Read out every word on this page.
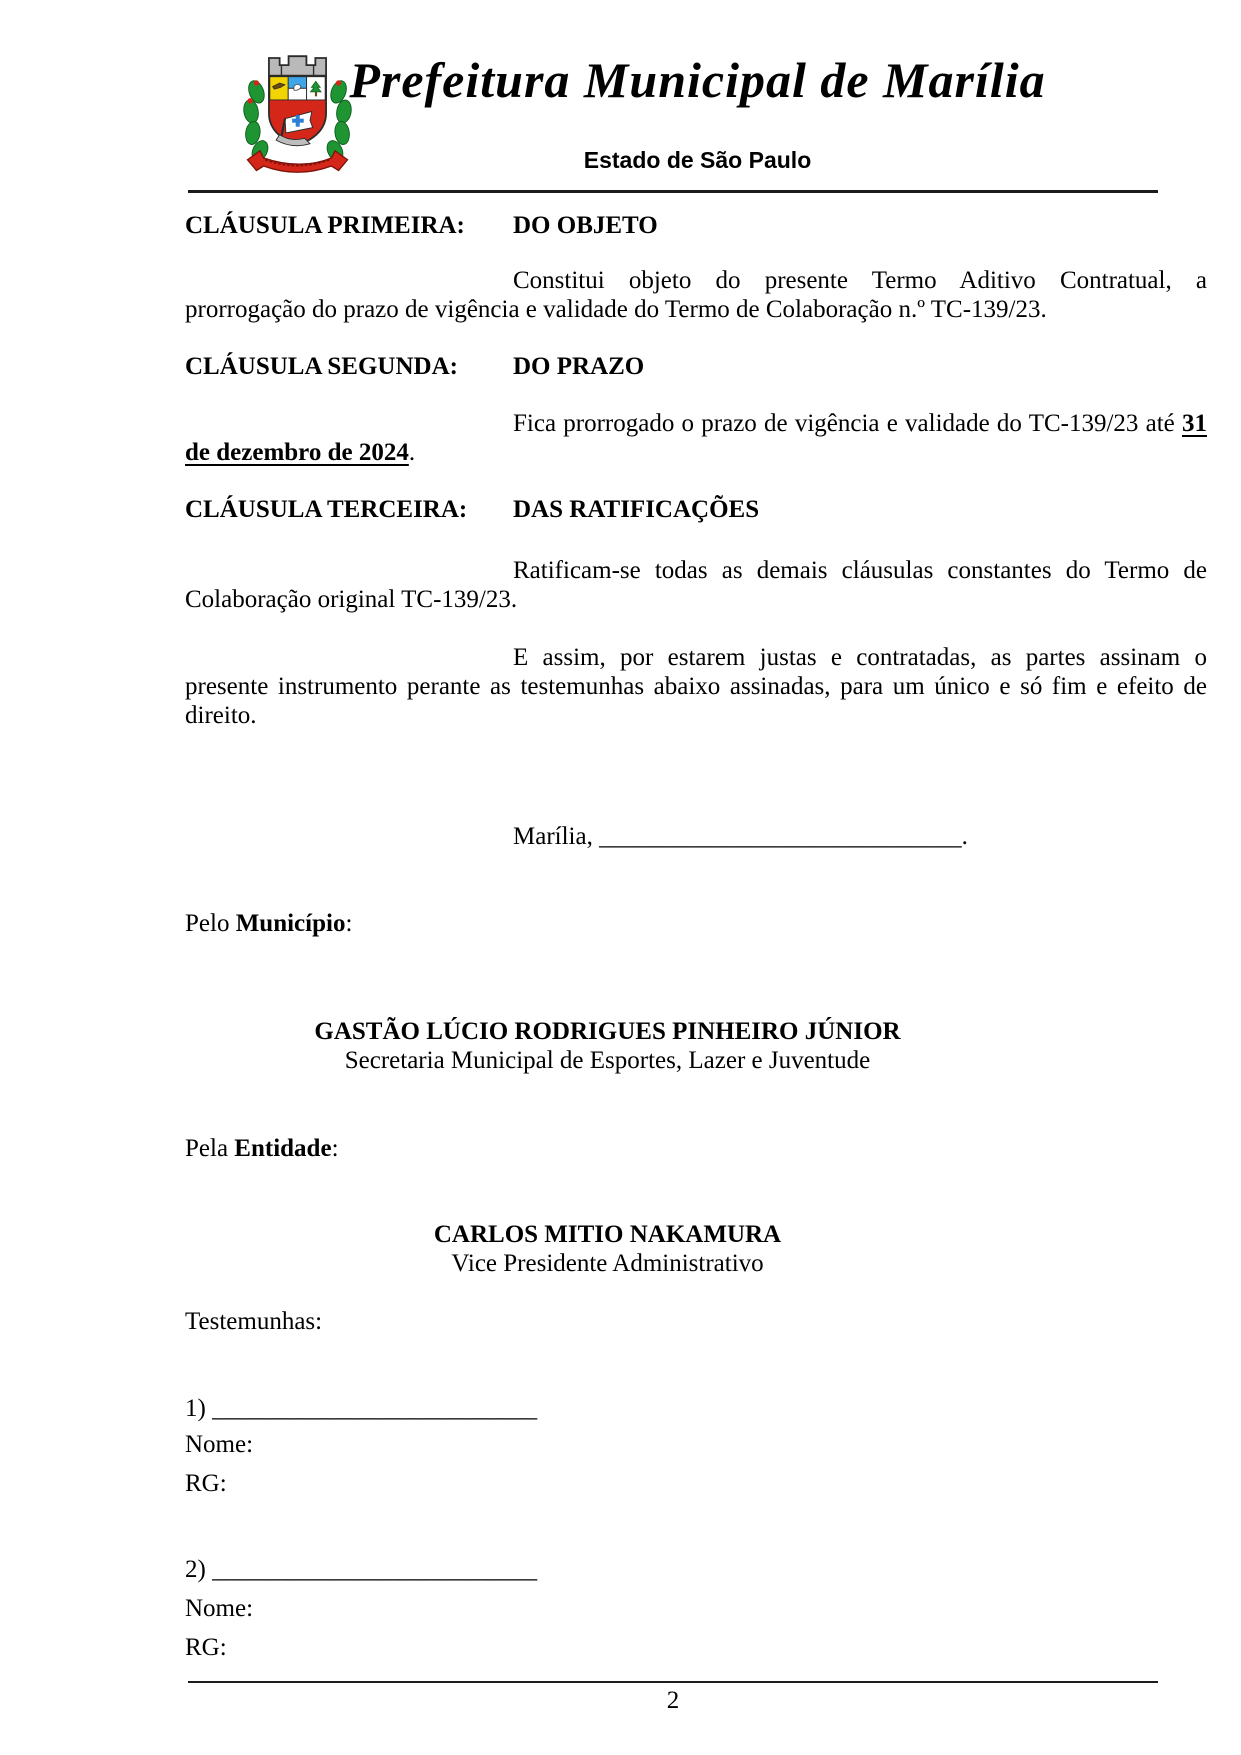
Prefeitura Municipal de Marília
Estado de São Paulo
CLÁUSULA PRIMEIRA:	DO OBJETO

Constitui objeto do presente Termo Aditivo Contratual, a prorrogação do prazo de vigência e validade do Termo de Colaboração n.º TC-139/23.

CLÁUSULA SEGUNDA:	DO PRAZO

Fica prorrogado o prazo de vigência e validade do TC-139/23 até 31 de dezembro de 2024.

CLÁUSULA TERCEIRA:	DAS RATIFICAÇÕES

Ratificam-se todas as demais cláusulas constantes do Termo de Colaboração original TC-139/23.

E assim, por estarem justas e contratadas, as partes assinam o presente instrumento perante as testemunhas abaixo assinadas, para um único e só fim e efeito de direito.

Marília, _____________________________.
Pelo Município:
GASTÃO LÚCIO RODRIGUES PINHEIRO JÚNIOR
Secretaria Municipal de Esportes, Lazer e Juventude
Pela Entidade:
CARLOS MITIO NAKAMURA
Vice Presidente Administrativo
Testemunhas:
1) __________________________
Nome:
RG:
2) __________________________
Nome:
RG:
2
